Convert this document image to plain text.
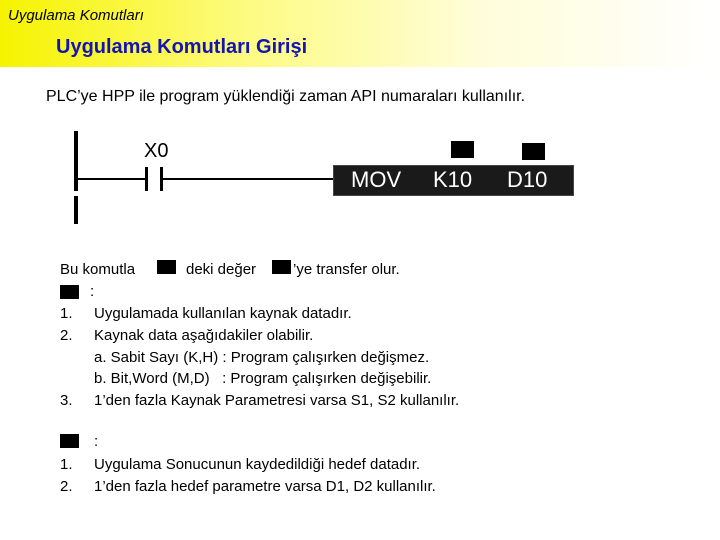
Uygulama Komutları
Uygulama Komutları Girişi
PLC’ye HPP ile program yüklendiği zaman API numaraları kullanılır.
X0
MOV K10 D10
Bu komutla	deki değer ’ye transfer olur.
:
1. Uygulamada kullanılan kaynak datadır.
2. Kaynak data aşağıdakiler olabilir.
a. Sabit Sayı (K,H) : Program çalışırken değişmez.
b. Bit,Word (M,D)   : Program çalışırken değişebilir.
3. 1’den fazla Kaynak Parametresi varsa S1, S2 kullanılır.
:
1. Uygulama Sonucunun kaydedildiği hedef datadır.
2. 1’den fazla hedef parametre varsa D1, D2 kullanılır.
